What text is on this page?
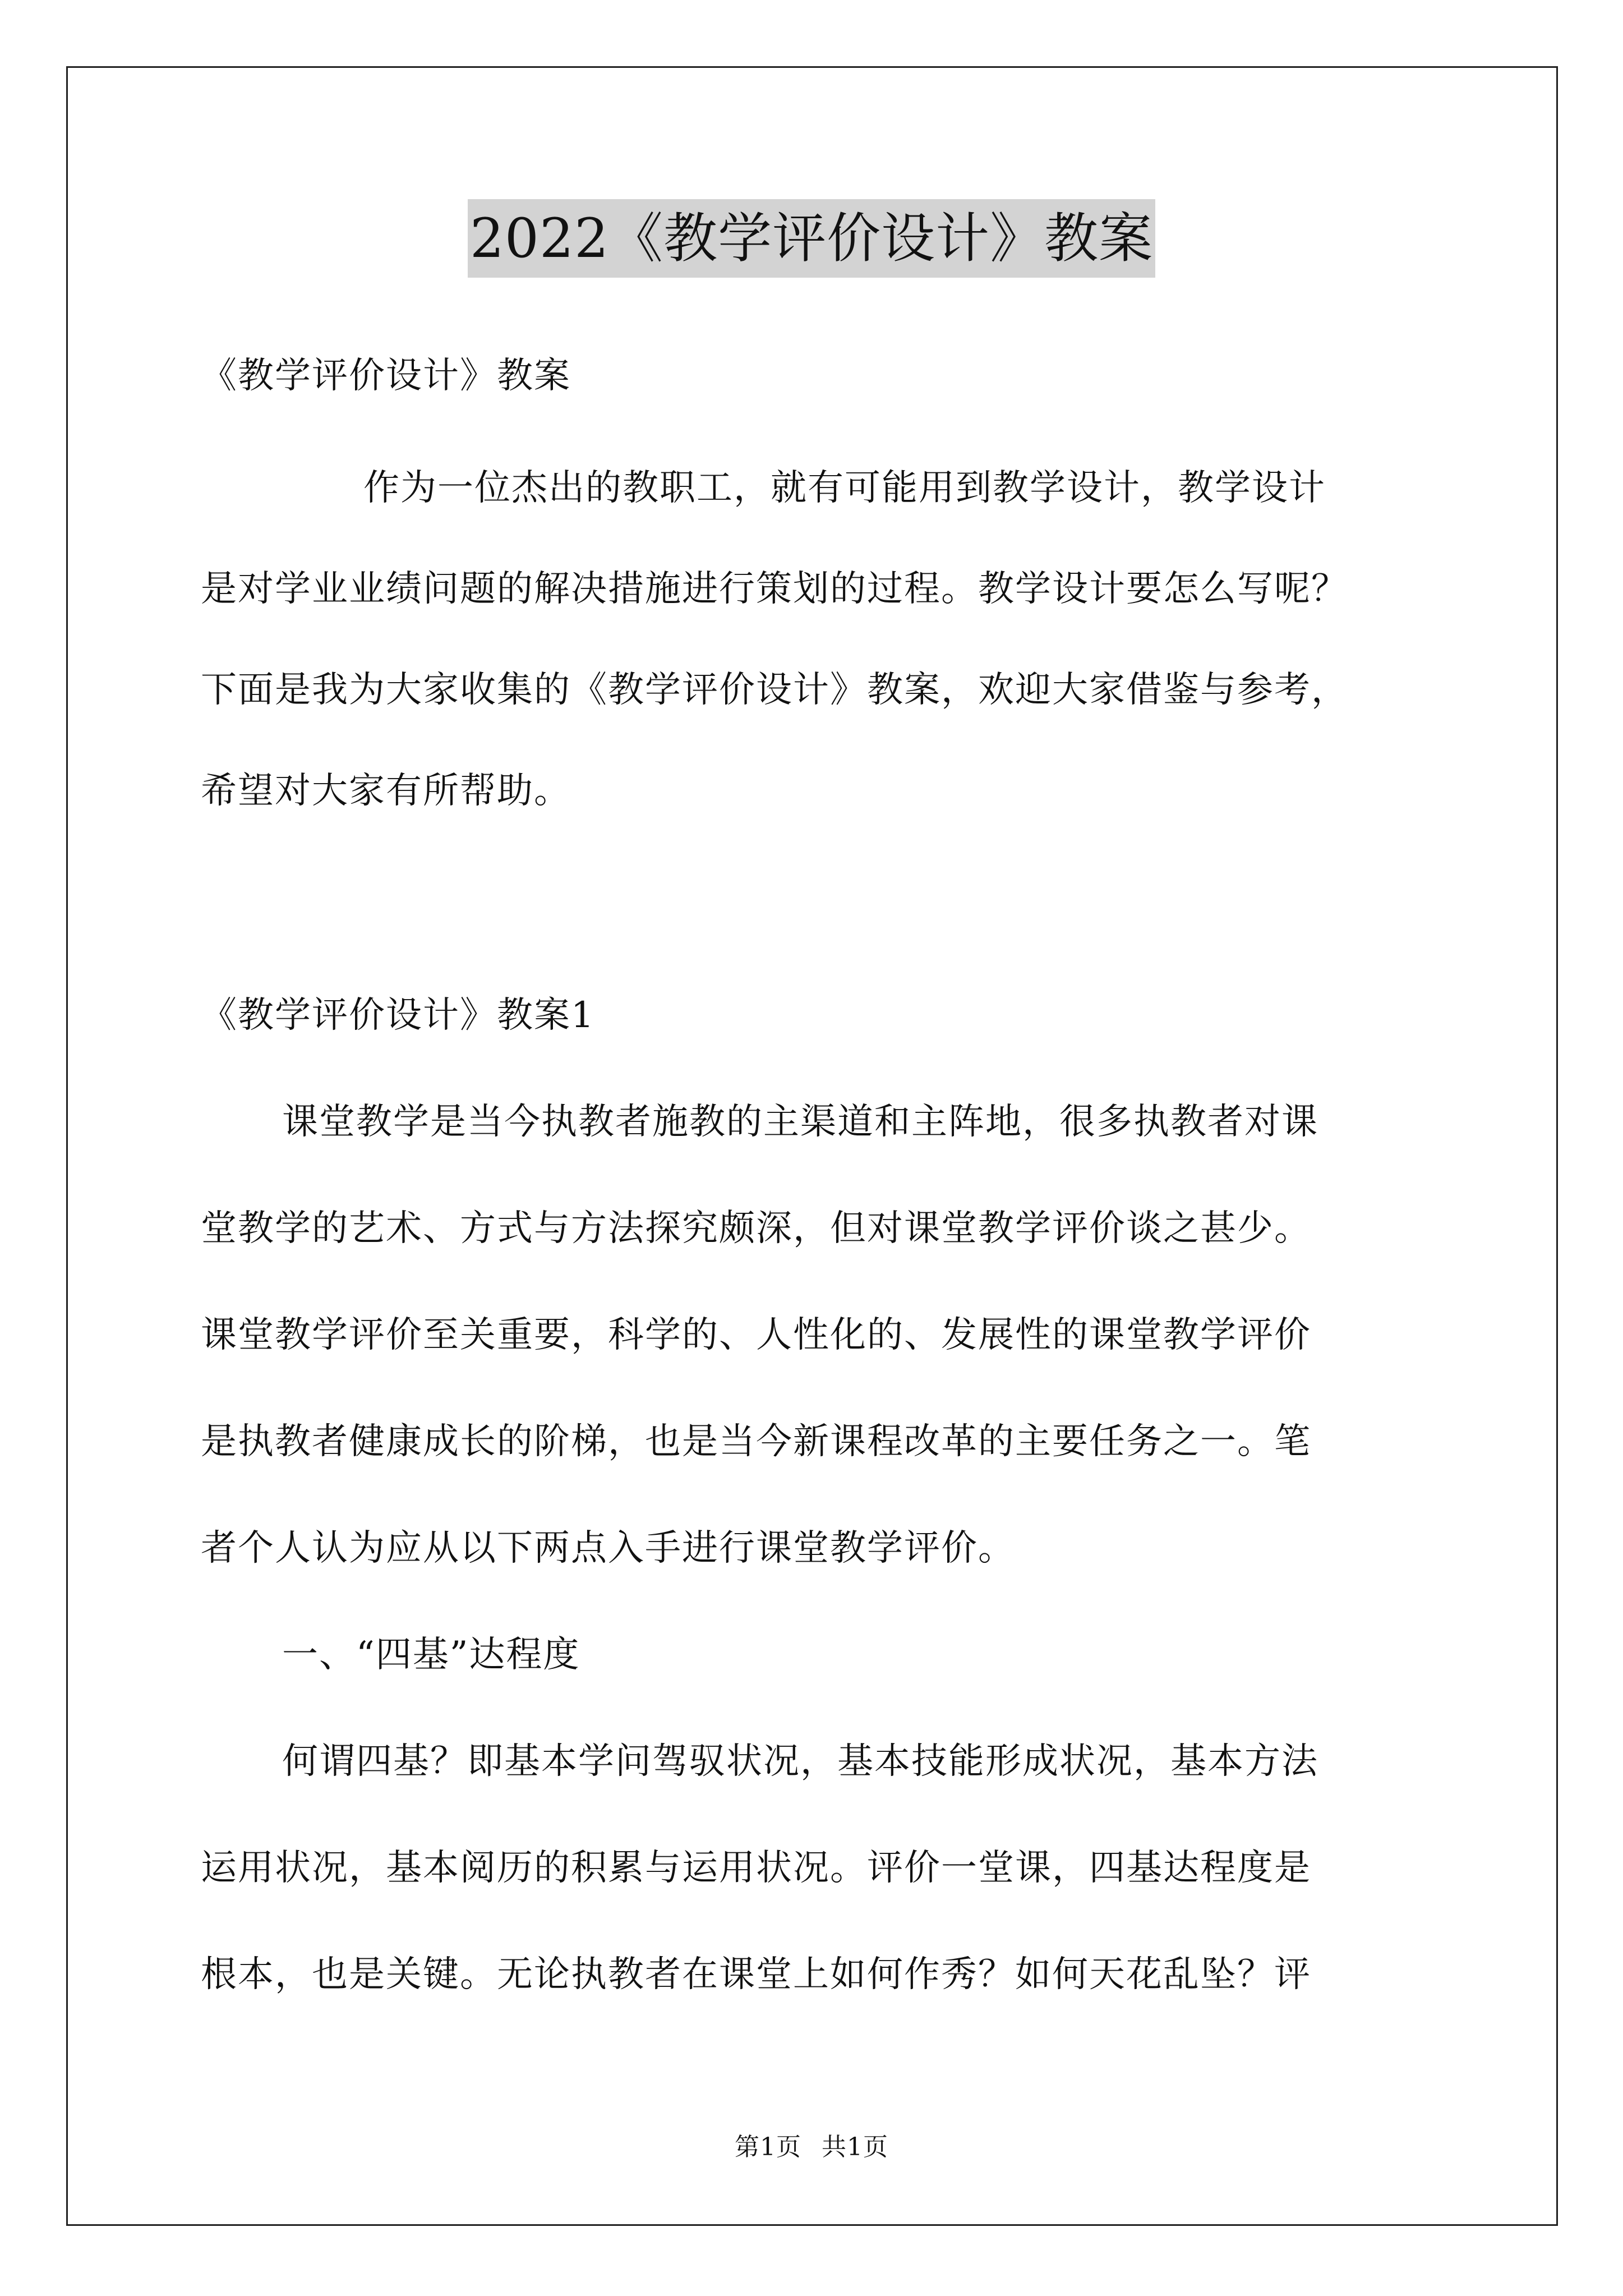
2022《教学评价设计》教案
《教学评价设计》教案
作为一位杰出的教职工，就有可能用到教学设计，教学设计
是对学业业绩问题的解决措施进行策划的过程。教学设计要怎么写呢？
下面是我为大家收集的《教学评价设计》教案，欢迎大家借鉴与参考，
希望对大家有所帮助。
《教学评价设计》教案1
课堂教学是当今执教者施教的主渠道和主阵地，很多执教者对课
堂教学的艺术、方式与方法探究颇深，但对课堂教学评价谈之甚少。
课堂教学评价至关重要，科学的、人性化的、发展性的课堂教学评价
是执教者健康成长的阶梯，也是当今新课程改革的主要任务之一。笔
者个人认为应从以下两点入手进行课堂教学评价。
一、“四基”达程度
何谓四基？即基本学问驾驭状况，基本技能形成状况，基本方法
运用状况，基本阅历的积累与运用状况。评价一堂课，四基达程度是
根本，也是关键。无论执教者在课堂上如何作秀？如何天花乱坠？评
第1页 共1页
